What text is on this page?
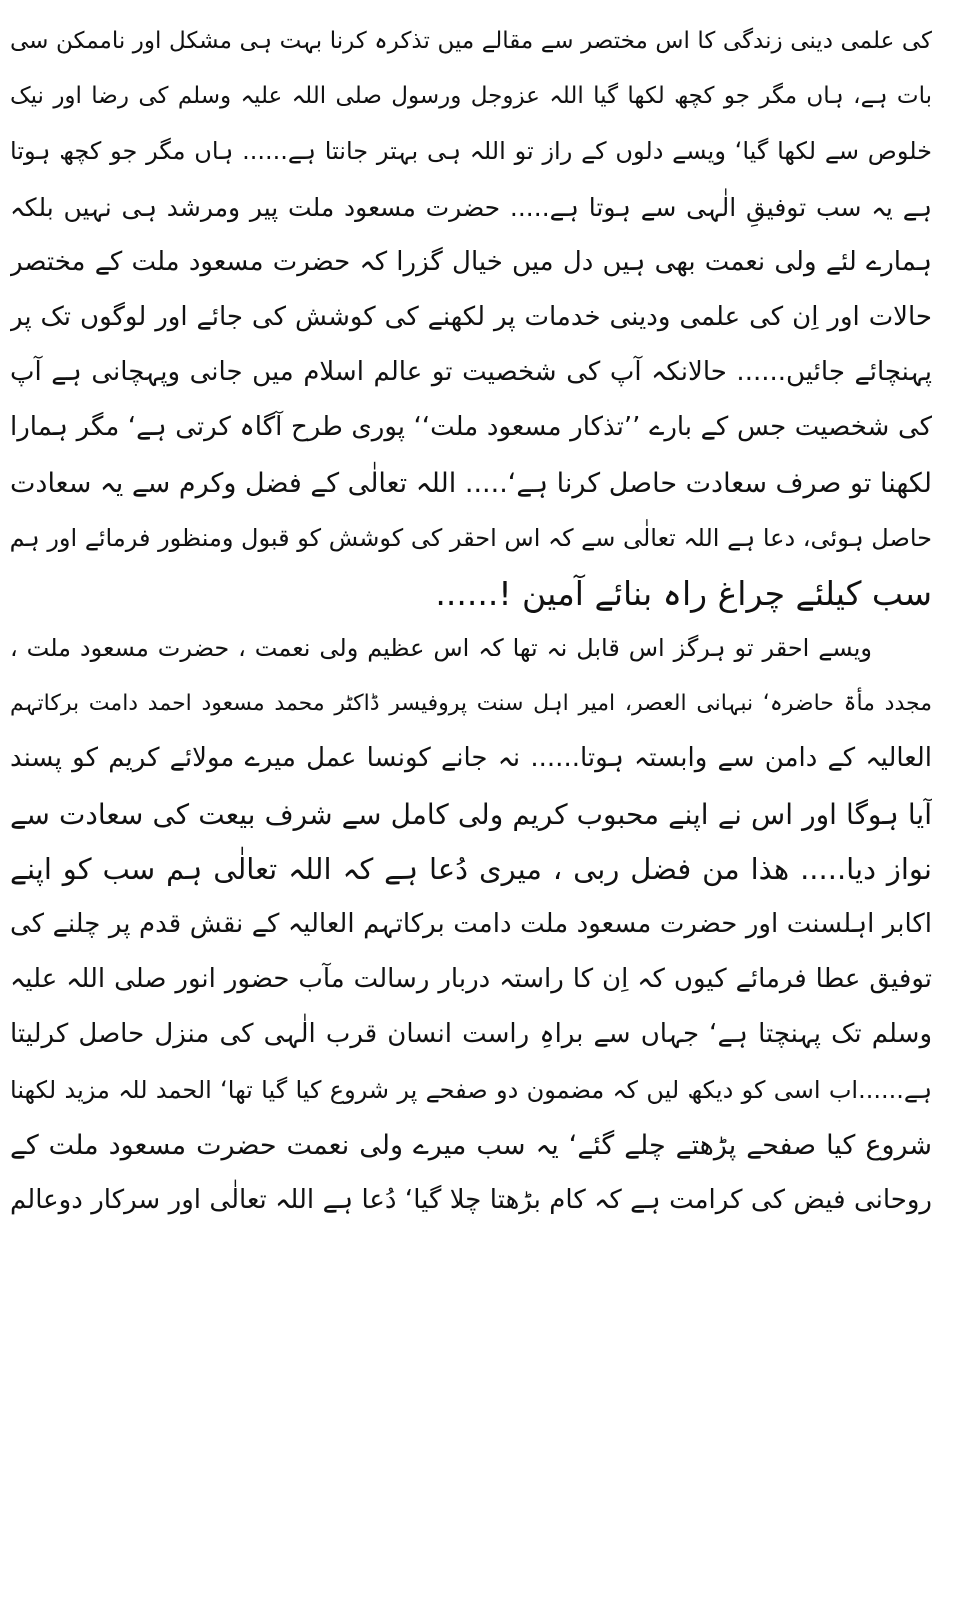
کی علمی دینی زندگی کا اس مختصر سے مقالے میں تذکرہ کرنا بہت ہی مشکل اور ناممکن سی
بات ہے، ہاں مگر جو کچھ لکھا گیا اللہ عزوجل ورسول صلی اللہ علیہ وسلم کی رضا اور نیک
خلوص سے لکھا گیا‘ ویسے دلوں کے راز تو اللہ ہی بہتر جانتا ہے...... ہاں مگر جو کچھ ہوتا
ہے یہ سب توفیقِ الٰہی سے ہوتا ہے..... حضرت مسعود ملت پیر ومرشد ہی نہیں بلکہ
ہمارے لئے ولی نعمت بھی ہیں دل میں خیال گزرا کہ حضرت مسعود ملت کے مختصر
حالات اور اِن کی علمی ودینی خدمات پر لکھنے کی کوشش کی جائے اور لوگوں تک پر
پہنچائے جائیں...... حالانکہ آپ کی شخصیت تو عالم اسلام میں جانی وپہچانی ہے آپ
کی شخصیت جس کے بارے ’’تذکار مسعود ملت‘‘ پوری طرح آگاہ کرتی ہے‘ مگر ہمارا
لکھنا تو صرف سعادت حاصل کرنا ہے‘..... اللہ تعالٰی کے فضل وکرم سے یہ سعادت
حاصل ہوئی، دعا ہے اللہ تعالٰی سے کہ اس احقر کی کوشش کو قبول ومنظور فرمائے اور ہم
سب کیلئے چراغ راہ بنائے آمین !......
ویسے احقر تو ہرگز اس قابل نہ تھا کہ اس عظیم ولی نعمت ، حضرت مسعود ملت ،
مجدد مأۃ حاضرہ‘ نبہانی العصر، امیر اہل سنت پروفیسر ڈاکٹر محمد مسعود احمد دامت برکاتہم
العالیہ کے دامن سے وابستہ ہوتا...... نہ جانے کونسا عمل میرے مولائے کریم کو پسند
آیا ہوگا اور اس نے اپنے محبوب کریم ولی کامل سے شرف بیعت کی سعادت سے
نواز دیا..... ھذا من فضل ربی ، میری دُعا ہے کہ اللہ تعالٰی ہم سب کو اپنے
اکابر اہلسنت اور حضرت مسعود ملت دامت برکاتہم العالیہ کے نقش قدم پر چلنے کی
توفیق عطا فرمائے کیوں کہ اِن کا راستہ دربار رسالت مآب حضور انور صلی اللہ علیہ
وسلم تک پہنچتا ہے‘ جہاں سے براہِ راست انسان قرب الٰہی کی منزل حاصل کرلیتا
ہے......اب اسی کو دیکھ لیں کہ مضمون دو صفحے پر شروع کیا گیا تھا‘ الحمد للہ مزید لکھنا
شروع کیا صفحے پڑھتے چلے گئے‘ یہ سب میرے ولی نعمت حضرت مسعود ملت کے
روحانی فیض کی کرامت ہے کہ کام بڑھتا چلا گیا‘ دُعا ہے اللہ تعالٰی اور سرکار دوعالم
